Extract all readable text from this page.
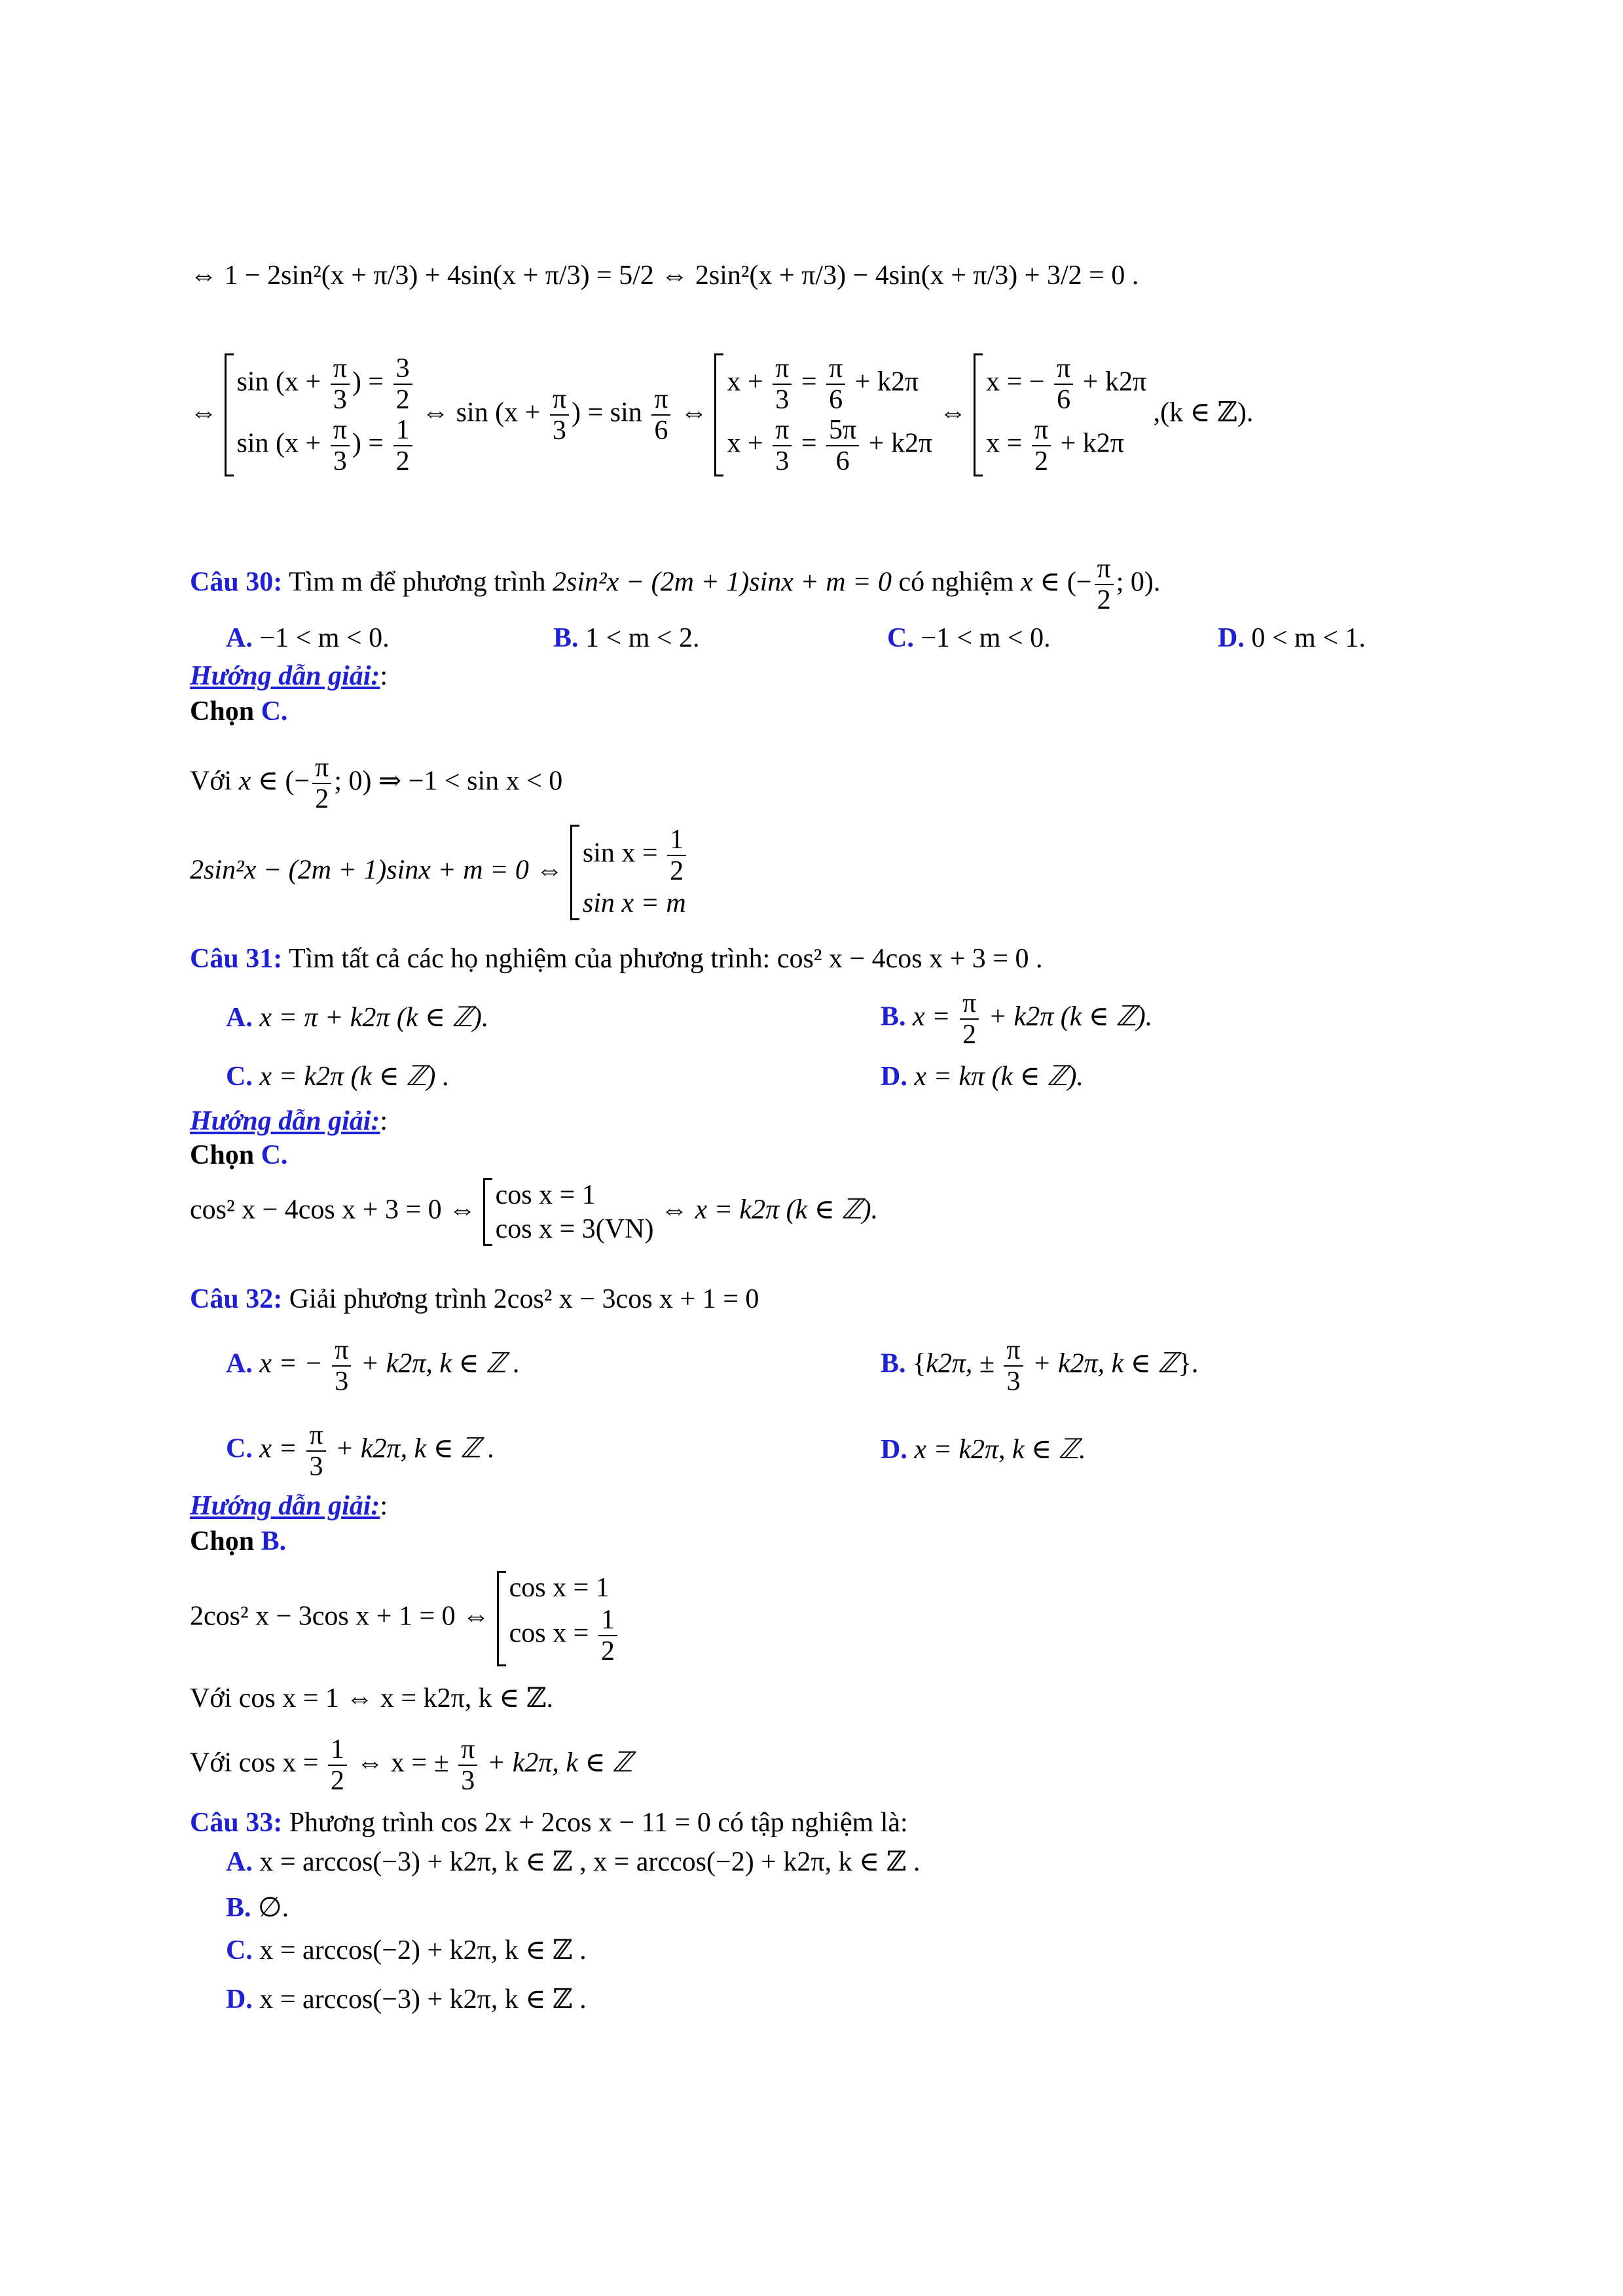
⇔ 1 − 2sin²(x + π/3) + 4sin(x + π/3) = 5/2 ⇔ 2sin²(x + π/3) − 4sin(x + π/3) + 3/2 = 0 .
⇔
$\sin (x + \frac{\pi}{3}$ ) = $\frac{3}{2}$
$\sin (x + \frac{\pi}{3}$ ) = $\frac{1}{2}$
⇔ $\sin (x + \frac{\pi}{3}$ ) = $\sin \frac{\pi}{6}$ ⇔
$x + \frac{\pi}{3} = \frac{\pi}{6} + k2\pi$
$x + \frac{\pi}{3} = \frac{5\pi}{6} + k2\pi$
⇔
x = − $\frac{\pi}{6} + k2\pi$
$x = \frac{\pi}{2} + k2\pi$
,(k ∈ ℤ).
Câu 30: Tìm m để phương trình 2sin²x − (2m + 1)sinx + m = 0 có nghiệm x ∈ (− $\frac{\pi}{2}$ ; 0).
A. −1 < m < 0.	B. 1 < m < 2.	C. −1 < m < 0.	D. 0 < m < 1.
Hướng dẫn giải::
Chọn C.
Với x ∈ (− $\frac{\pi}{2}$ ; 0) ⇒ −1 < sin x < 0
2sin²x − (2m + 1)sinx + m = 0 ⇔
$\sin x = \frac{1}{2}$
sin x = m
Câu 31: Tìm tất cả các họ nghiệm của phương trình: cos² x − 4cos x + 3 = 0 .
A. x = π + k2π (k ∈ ℤ).	B. $x = \frac{\pi}{2} + k2\pi$ (k ∈ ℤ).
C. x = k2π (k ∈ ℤ) .	D. x = kπ (k ∈ ℤ).
Hướng dẫn giải::
Chọn C.
cos² x − 4cos x + 3 = 0 ⇔ cos x = 1
cos x = 3(VN)
⇔ x = k2π (k ∈ ℤ).
Câu 32: Giải phương trình 2cos² x − 3cos x + 1 = 0
A. x = − $\frac{\pi}{3} + k2\pi$, k ∈ ℤ .	B. {k2π, ± $\frac{\pi}{3} + k2\pi$, k ∈ ℤ}.
C. $x = \frac{\pi}{3} + k2\pi$, k ∈ ℤ .	D. x = k2π, k ∈ ℤ.
Hướng dẫn giải::
Chọn B.
2cos² x − 3cos x + 1 = 0 ⇔
cos x = 1
$\cos x = \frac{1}{2}$
Với cos x = 1 ⇔ x = k2π, k ∈ ℤ.
Với $\cos x = \frac{1}{2}$ ⇔ x = ± $\frac{\pi}{3} + k2\pi$, k ∈ ℤ
Câu 33: Phương trình cos 2x + 2cos x − 11 = 0 có tập nghiệm là:
A. x = arccos(−3) + k2π, k ∈ ℤ , x = arccos(−2) + k2π, k ∈ ℤ .
B. ∅.
C. x = arccos(−2) + k2π, k ∈ ℤ .
D. x = arccos(−3) + k2π, k ∈ ℤ .
